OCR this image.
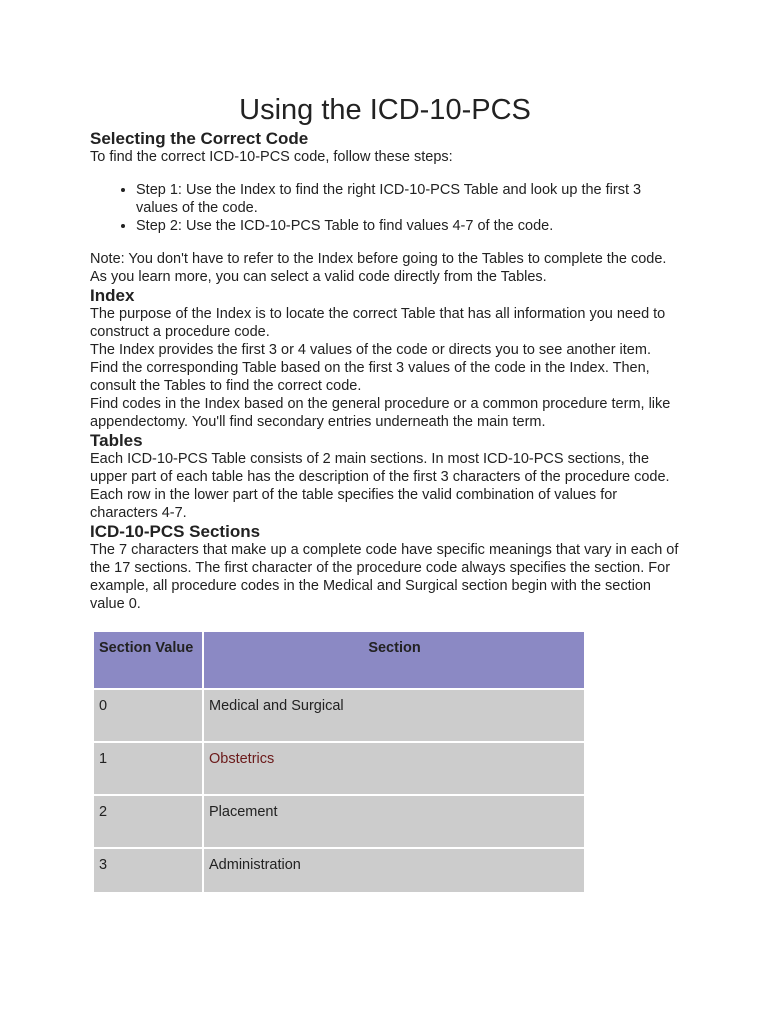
Using the ICD-10-PCS
Selecting the Correct Code

To find the correct ICD-10-PCS code, follow these steps:

• Step 1: Use the Index to find the right ICD-10-PCS Table and look up the first 3 values of the code.
• Step 2: Use the ICD-10-PCS Table to find values 4-7 of the code.

Note: You don't have to refer to the Index before going to the Tables to complete the code. As you learn more, you can select a valid code directly from the Tables.

Index

The purpose of the Index is to locate the correct Table that has all information you need to construct a procedure code.

The Index provides the first 3 or 4 values of the code or directs you to see another item. Find the corresponding Table based on the first 3 values of the code in the Index. Then, consult the Tables to find the correct code.

Find codes in the Index based on the general procedure or a common procedure term, like appendectomy. You'll find secondary entries underneath the main term.

Tables

Each ICD-10-PCS Table consists of 2 main sections. In most ICD-10-PCS sections, the upper part of each table has the description of the first 3 characters of the procedure code. Each row in the lower part of the table specifies the valid combination of values for characters 4-7.

ICD-10-PCS Sections

The 7 characters that make up a complete code have specific meanings that vary in each of the 17 sections. The first character of the procedure code always specifies the section. For example, all procedure codes in the Medical and Surgical section begin with the section value 0.

Section Value	Section
0	Medical and Surgical
1	Obstetrics
2	Placement
3	Administration
